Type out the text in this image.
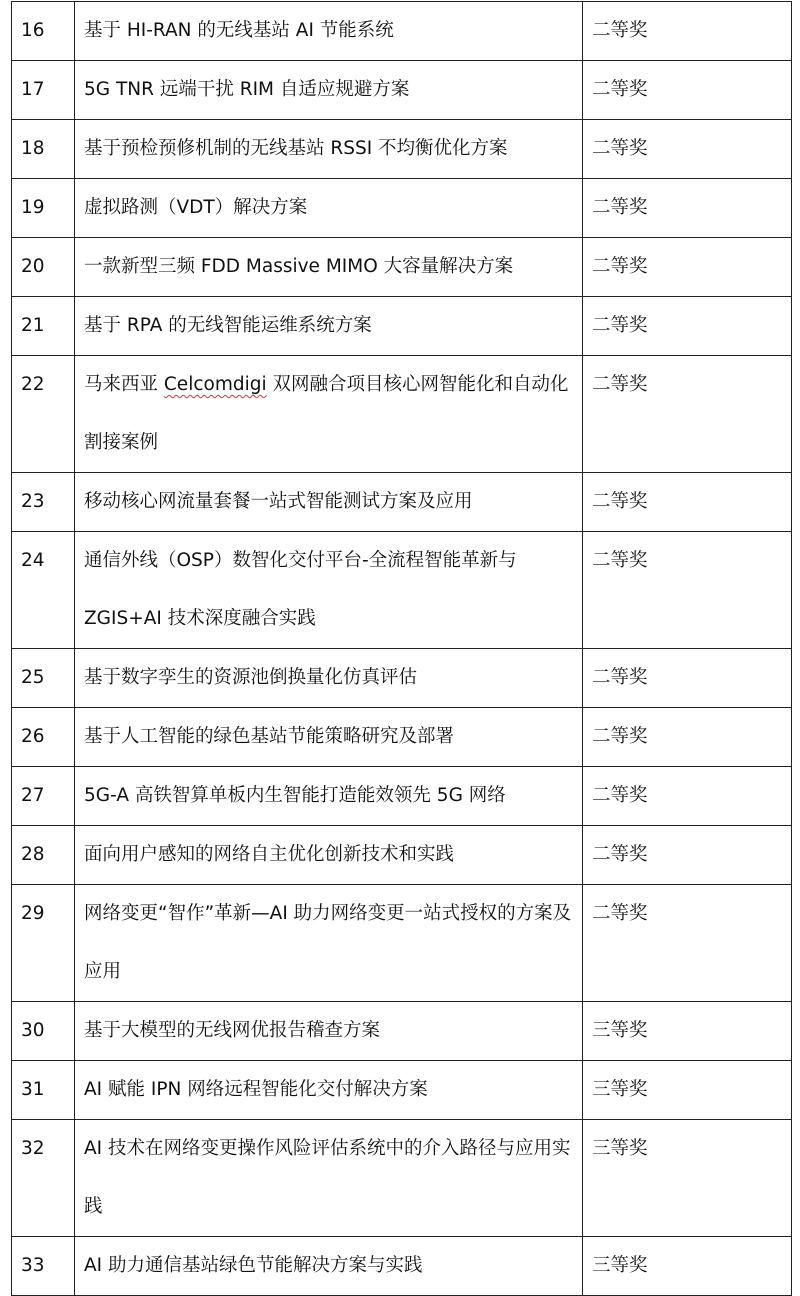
16	基于 HI-RAN 的无线基站 AI 节能系统	二等奖
17	5G TNR 远端干扰 RIM 自适应规避方案	二等奖
18	基于预检预修机制的无线基站 RSSI 不均衡优化方案	二等奖
19	虚拟路测（VDT）解决方案	二等奖
20	一款新型三频 FDD Massive MIMO 大容量解决方案	二等奖
21	基于 RPA 的无线智能运维系统方案	二等奖
22	马来西亚 Celcomdigi 双网融合项目核心网智能化和自动化割接案例	二等奖
23	移动核心网流量套餐一站式智能测试方案及应用	二等奖
24	通信外线（OSP）数智化交付平台-全流程智能革新与 ZGIS+AI 技术深度融合实践	二等奖
25	基于数字孪生的资源池倒换量化仿真评估	二等奖
26	基于人工智能的绿色基站节能策略研究及部署	二等奖
27	5G-A 高铁智算单板内生智能打造能效领先 5G 网络	二等奖
28	面向用户感知的网络自主优化创新技术和实践	二等奖
29	网络变更“智作”革新—AI 助力网络变更一站式授权的方案及应用	二等奖
30	基于大模型的无线网优报告稽查方案	三等奖
31	AI 赋能 IPN 网络远程智能化交付解决方案	三等奖
32	AI 技术在网络变更操作风险评估系统中的介入路径与应用实践	三等奖
33	AI 助力通信基站绿色节能解决方案与实践	三等奖
